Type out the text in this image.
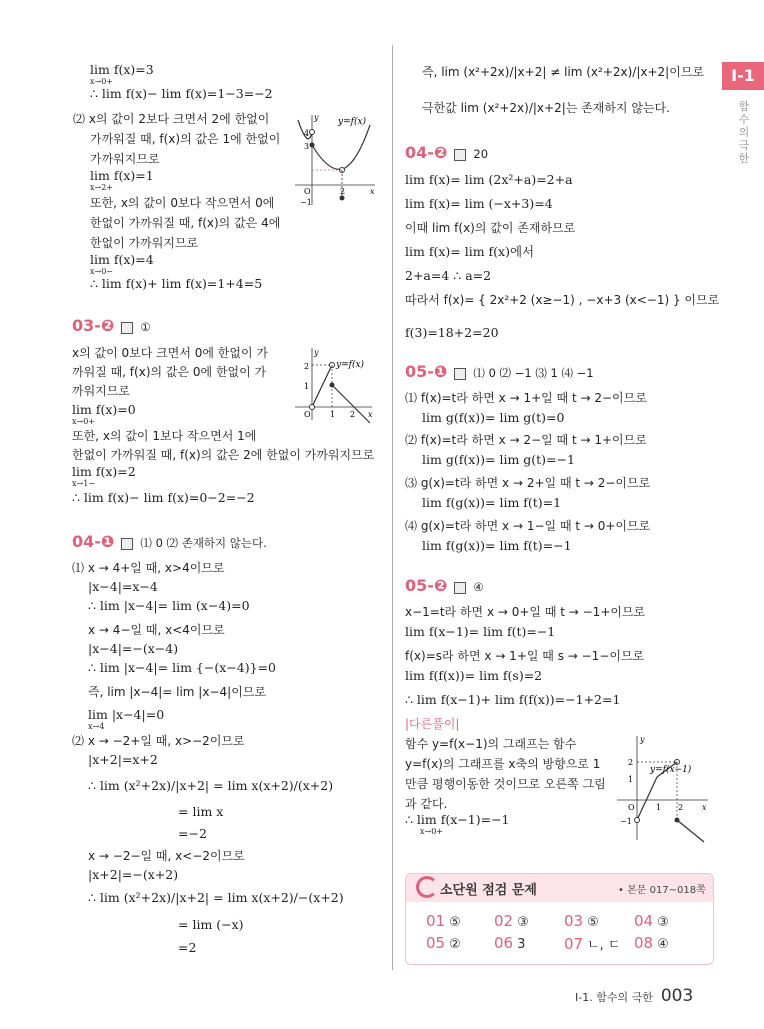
I-1
함수의 극한
lim f(x)=3
x→0+
∴ lim f(x)− lim f(x)=1−3=−2
⑵ x의 값이 2보다 크면서 2에 한없이
가까워질 때, f(x)의 값은 1에 한없이
가까워지므로
lim f(x)=1
x→2+
또한, x의 값이 0보다 작으면서 0에
한없이 가까워질 때, f(x)의 값은 4에
한없이 가까워지므로
lim f(x)=4
x→0−
∴ lim f(x)+ lim f(x)=1+4=5
y=f(x)
4
3
O	2
−1
x
y
03-❷ ①
x의 값이 0보다 크면서 0에 한없이 가
까워질 때, f(x)의 값은 0에 한없이 가
까워지므로
lim f(x)=0
x→0+
또한, x의 값이 1보다 작으면서 1에
한없이 가까워질 때, f(x)의 값은 2에 한없이 가까워지므로
lim f(x)=2
x→1−
∴ lim f(x)− lim f(x)=0−2=−2
y=f(x)
2
1
O 1 2 x
y
04-❶ ⑴ 0 ⑵ 존재하지 않는다.
⑴ x → 4+일 때, x>4이므로
|x−4|=x−4
∴ lim |x−4|= lim (x−4)=0
x → 4−일 때, x<4이므로
|x−4|=−(x−4)
∴ lim |x−4|= lim {−(x−4)}=0
즉, lim |x−4|= lim |x−4|이므로
lim |x−4|=0
x→4
⑵ x → −2+일 때, x>−2이므로
|x+2|=x+2
∴ lim (x²+2x)/|x+2| = lim x(x+2)/(x+2)
= lim x
=−2
x → −2−일 때, x<−2이므로
|x+2|=−(x+2)
∴ lim (x²+2x)/|x+2| = lim x(x+2)/−(x+2)
= lim (−x)
=2
즉, lim (x²+2x)/|x+2| ≠ lim (x²+2x)/|x+2|이므로
극한값 lim (x²+2x)/|x+2|는 존재하지 않는다.
04-❷ 20
lim f(x)= lim (2x²+a)=2+a
lim f(x)= lim (−x+3)=4
이때 lim f(x)의 값이 존재하므로
lim f(x)= lim f(x)에서
2+a=4 ∴ a=2
따라서 f(x)= { 2x²+2 (x≥−1) , −x+3 (x<−1) } 이므로
f(3)=18+2=20
05-❶ ⑴ 0 ⑵ −1 ⑶ 1 ⑷ −1
⑴ f(x)=t라 하면 x → 1+일 때 t → 2−이므로
lim g(f(x))= lim g(t)=0
⑵ f(x)=t라 하면 x → 2−일 때 t → 1+이므로
lim g(f(x))= lim g(t)=−1
⑶ g(x)=t라 하면 x → 2+일 때 t → 2−이므로
lim f(g(x))= lim f(t)=1
⑷ g(x)=t라 하면 x → 1−일 때 t → 0+이므로
lim f(g(x))= lim f(t)=−1
05-❷ ④
x−1=t라 하면 x → 0+일 때 t → −1+이므로
lim f(x−1)= lim f(t)=−1
f(x)=s라 하면 x → 1+일 때 s → −1−이므로
lim f(f(x))= lim f(s)=2
∴ lim f(x−1)+ lim f(f(x))=−1+2=1
|다른풀이|
함수 y=f(x−1)의 그래프는 함수
y=f(x)의 그래프를 x축의 방향으로 1
만큼 평행이동한 것이므로 오른쪽 그림
과 같다.
∴ lim f(x−1)=−1
x→0+
y=f(x−1)
2
1
O	1 2
−1
x
y
소단원 점검 문제	• 본문 017~018쪽
01 ⑤ 02 ③ 03 ⑤ 04 ③
05 ② 06 3	07 ㄴ, ㄷ 08 ④
I-1. 함수의 극한 003
